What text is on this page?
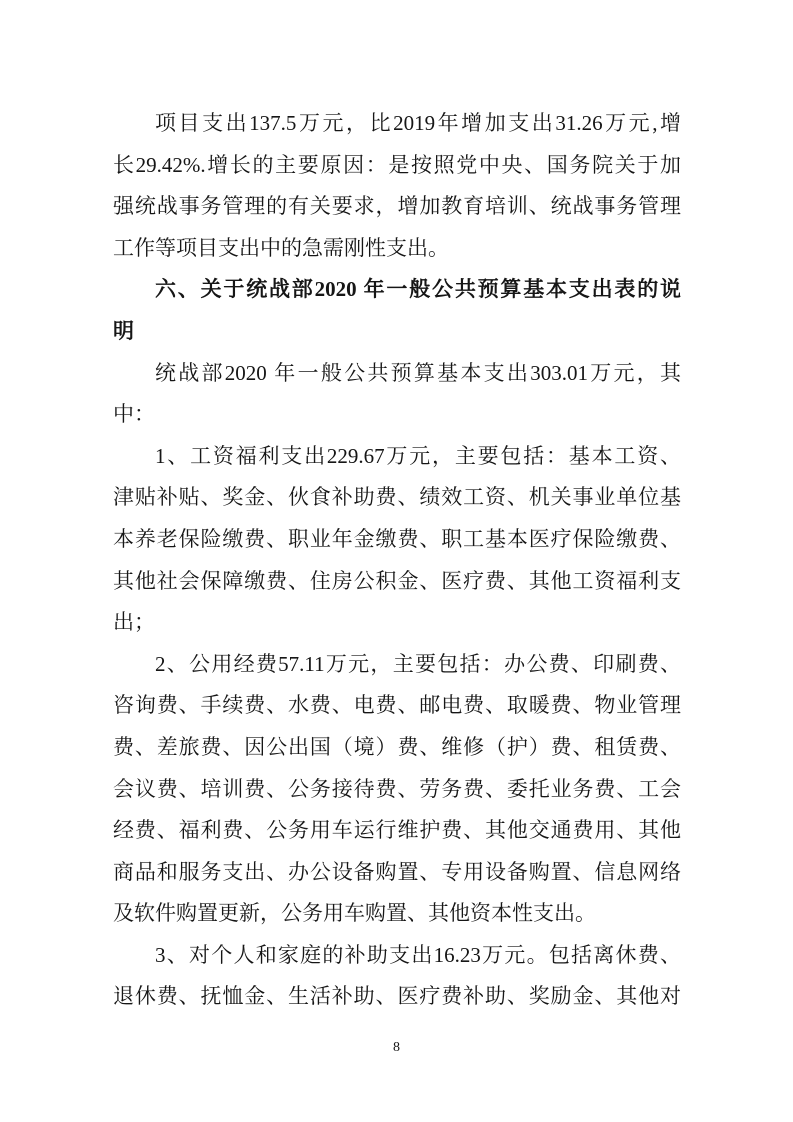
项目支出137.5万元，比2019年增加支出31.26万元,增
长29.42%.增长的主要原因：是按照党中央、国务院关于加
强统战事务管理的有关要求，增加教育培训、统战事务管理
工作等项目支出中的急需刚性支出。
六、关于统战部2020 年一般公共预算基本支出表的说
明
统战部2020 年一般公共预算基本支出303.01万元，其
中：
1、工资福利支出229.67万元，主要包括：基本工资、
津贴补贴、奖金、伙食补助费、绩效工资、机关事业单位基
本养老保险缴费、职业年金缴费、职工基本医疗保险缴费、
其他社会保障缴费、住房公积金、医疗费、其他工资福利支
出；
2、公用经费57.11万元，主要包括：办公费、印刷费、
咨询费、手续费、水费、电费、邮电费、取暖费、物业管理
费、差旅费、因公出国（境）费、维修（护）费、租赁费、
会议费、培训费、公务接待费、劳务费、委托业务费、工会
经费、福利费、公务用车运行维护费、其他交通费用、其他
商品和服务支出、办公设备购置、专用设备购置、信息网络
及软件购置更新，公务用车购置、其他资本性支出。
3、对个人和家庭的补助支出16.23万元。包括离休费、
退休费、抚恤金、生活补助、医疗费补助、奖励金、其他对
8
